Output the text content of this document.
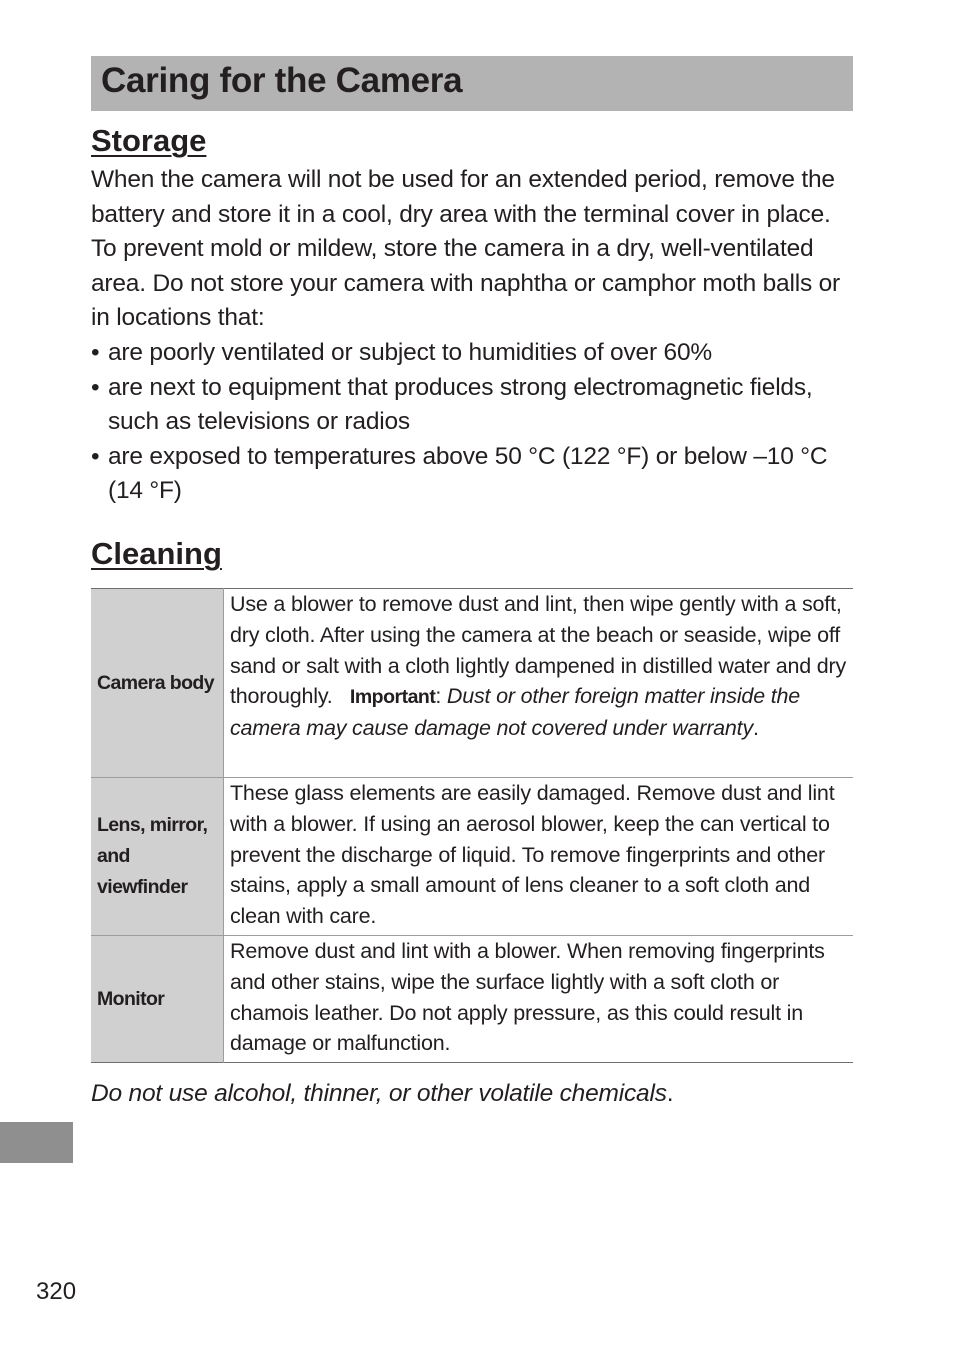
Caring for the Camera
Storage

When the camera will not be used for an extended period, remove the battery and store it in a cool, dry area with the terminal cover in place. To prevent mold or mildew, store the camera in a dry, well-ventilated area. Do not store your camera with naphtha or camphor moth balls or in locations that:

• are poorly ventilated or subject to humidities of over 60%
• are next to equipment that produces strong electromagnetic fields, such as televisions or radios
• are exposed to temperatures above 50 °C (122 °F) or below –10 °C (14 °F)
Cleaning
Camera body	Use a blower to remove dust and lint, then wipe gently with a soft, dry cloth. After using the camera at the beach or seaside, wipe off sand or salt with a cloth lightly dampened in distilled water and dry thoroughly. Important: Dust or other foreign matter inside the camera may cause damage not covered under warranty.
Lens, mirror, and viewfinder	These glass elements are easily damaged. Remove dust and lint with a blower. If using an aerosol blower, keep the can vertical to prevent the discharge of liquid. To remove fingerprints and other stains, apply a small amount of lens cleaner to a soft cloth and clean with care.
Monitor	Remove dust and lint with a blower. When removing fingerprints and other stains, wipe the surface lightly with a soft cloth or chamois leather. Do not apply pressure, as this could result in damage or malfunction.

Do not use alcohol, thinner, or other volatile chemicals.

320
